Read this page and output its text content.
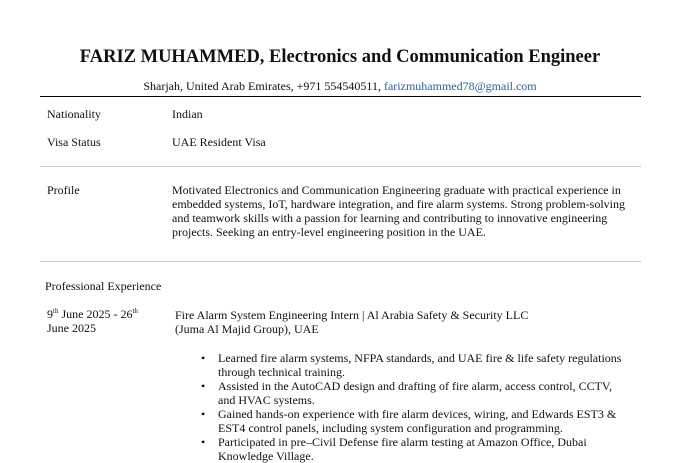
FARIZ MUHAMMED, Electronics and Communication Engineer
Sharjah, United Arab Emirates, +971 554540511, farizmuhammed78@gmail.com
Nationality	Indian
Visa Status	UAE Resident Visa
Profile	Motivated Electronics and Communication Engineering graduate with practical experience in

embedded systems, IoT, hardware integration, and fire alarm systems. Strong problem-solving

and teamwork skills with a passion for learning and contributing to innovative engineering

projects. Seeking an entry-level engineering position in the UAE.

Professional Experience
9th June 2025 - 26th
June 2025

Fire Alarm System Engineering Intern | Al Arabia Safety & Security LLC

(Juma Al Majid Group), UAE

• Learned fire alarm systems, NFPA standards, and UAE fire & life safety regulations

through technical training.

• Assisted in the AutoCAD design and drafting of fire alarm, access control, CCTV,

and HVAC systems.

• Gained hands-on experience with fire alarm devices, wiring, and Edwards EST3 &

EST4 control panels, including system configuration and programming.

• Participated in pre–Civil Defense fire alarm testing at Amazon Office, Dubai

Knowledge Village.
